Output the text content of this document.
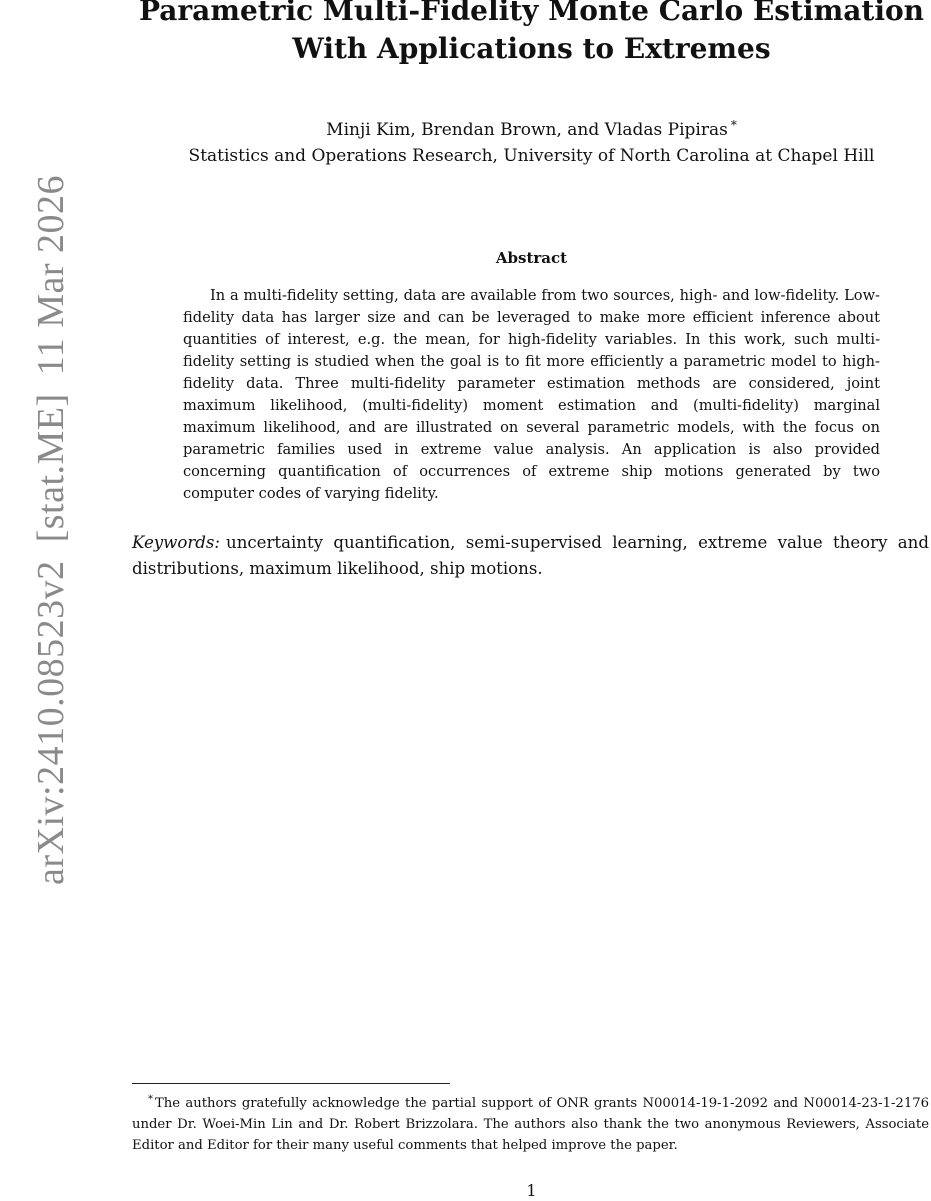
arXiv:2410.08523v2[stat.ME]11 Mar 2026
Parametric Multi-Fidelity Monte Carlo Estimation
With Applications to Extremes
Minji Kim, Brendan Brown, and Vladas Pipiras *
Statistics and Operations Research, University of North Carolina at Chapel Hill
Abstract
In a multi-fidelity setting, data are available from two sources, high- and low-fidelity. Low-fidelity data has larger size and can be leveraged to make more efficient inference about quantities of interest, e.g. the mean, for high-fidelity variables. In this work, such multi-fidelity setting is studied when the goal is to fit more efficiently a parametric model to high-fidelity data. Three multi-fidelity parameter estimation methods are considered, joint maximum likelihood, (multi-fidelity) moment estimation and (multi-fidelity) marginal maximum likelihood, and are illustrated on several parametric models, with the focus on parametric families used in extreme value analysis. An application is also provided concerning quantification of occurrences of extreme ship motions generated by two computer codes of varying fidelity.
Keywords: uncertainty quantification, semi-supervised learning, extreme value theory and distributions, maximum likelihood, ship motions.
* The authors gratefully acknowledge the partial support of ONR grants N00014-19-1-2092 and N00014-23-1-2176 under Dr. Woei-Min Lin and Dr. Robert Brizzolara. The authors also thank the two anonymous Reviewers, Associate Editor and Editor for their many useful comments that helped improve the paper.
1
